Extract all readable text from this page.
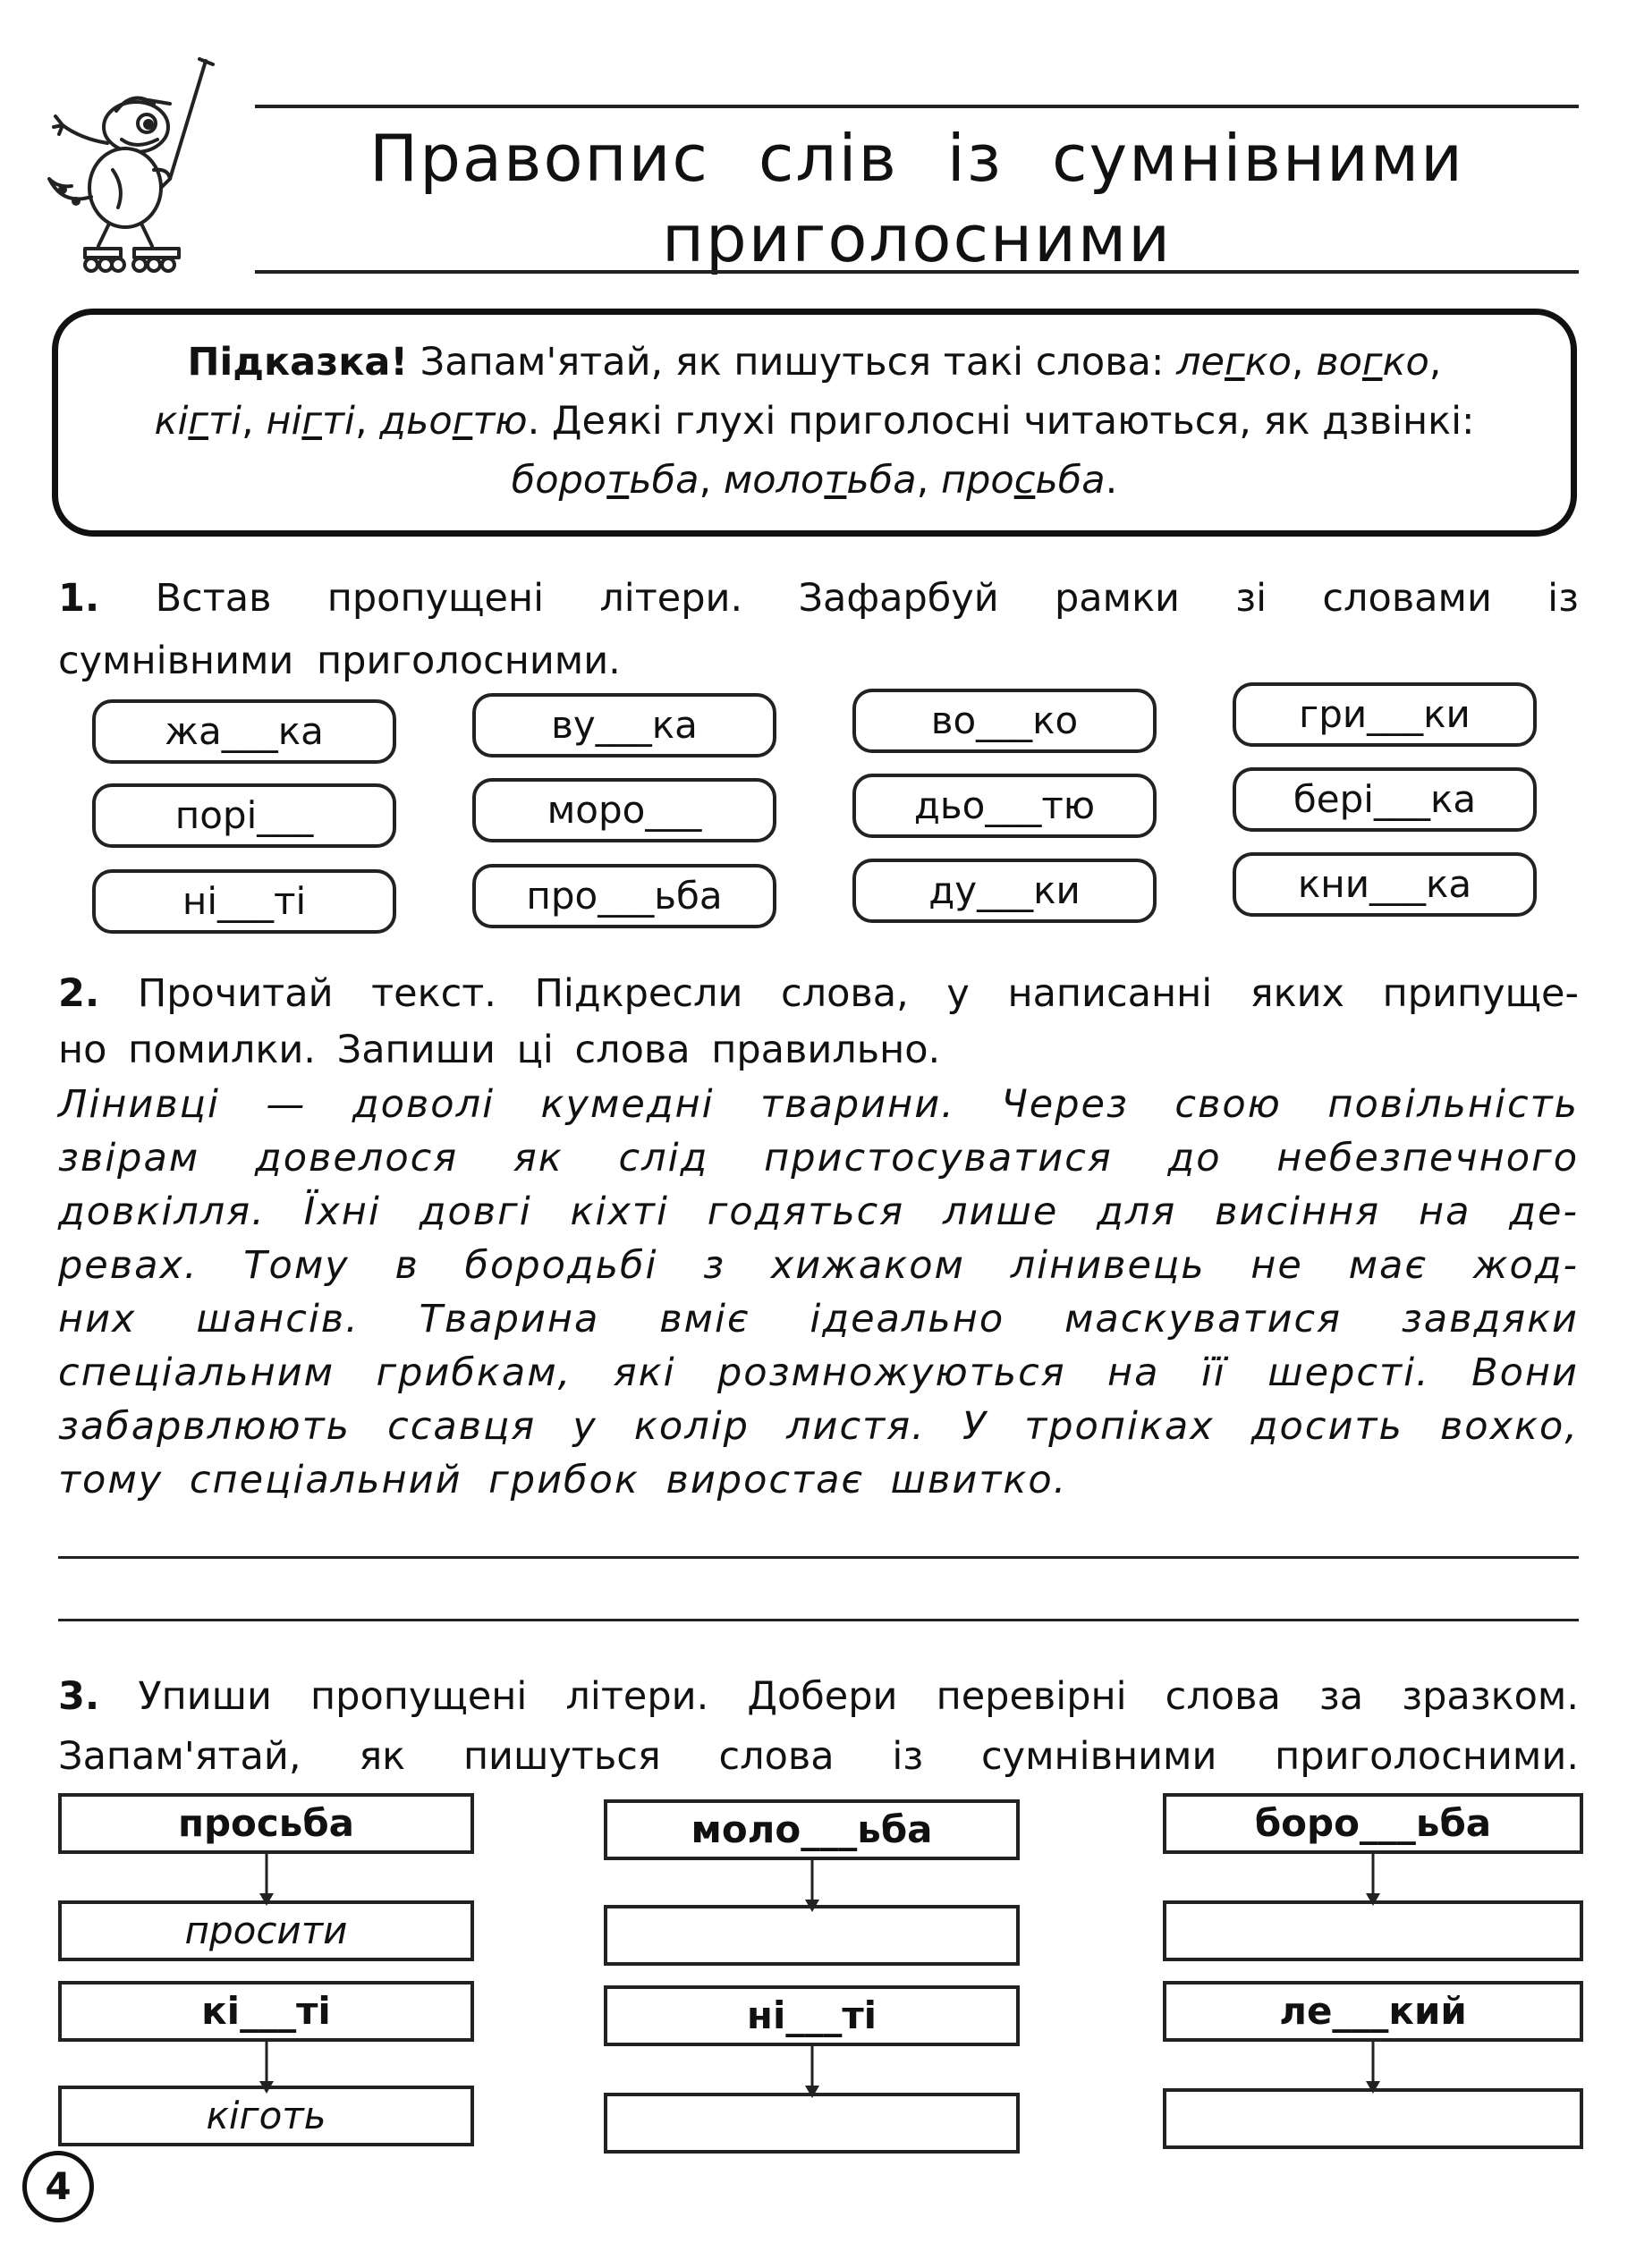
Правопис слів із сумнівними
приголосними
Підказка! Запам'ятай, як пишуться такі слова: легко, вогко,
кігті, нігті, дьогтю. Деякі глухі приголосні читаються, як дзвінкі:
боротьба, молотьба, просьба.
1. Встав пропущені літери. Зафарбуй рамки зі словами із
сумнівними приголосними.
жа___ка	ву___ка	во___ко	гри___ки
порі___	моро___	дьо___тю	бері___ка
ні___ті	про___ьба	ду___ки	кни___ка
2. Прочитай текст. Підкресли слова, у написанні яких припуще-
но помилки. Запиши ці слова правильно.
Лінивці — доволі кумедні тварини. Через свою повільність
звірам довелося як слід пристосуватися до небезпечного
довкілля. Їхні довгі кіхті годяться лише для висіння на де-
ревах. Тому в бородьбі з хижаком лінивець не має жод-
них шансів. Тварина вміє ідеально маскуватися завдяки
спеціальним грибкам, які розмножуються на її шерсті. Вони
забарвлюють ссавця у колір листя. У тропіках досить вохко,
тому спеціальний грибок виростає швитко.
3. Упиши пропущені літери. Добери перевірні слова за зразком.
Запам'ятай, як пишуться слова із сумнівними приголосними.
просьба
просити
кі___ті
кіготь
моло___ьба
ні___ті
боро___ьба
ле___кий
4
